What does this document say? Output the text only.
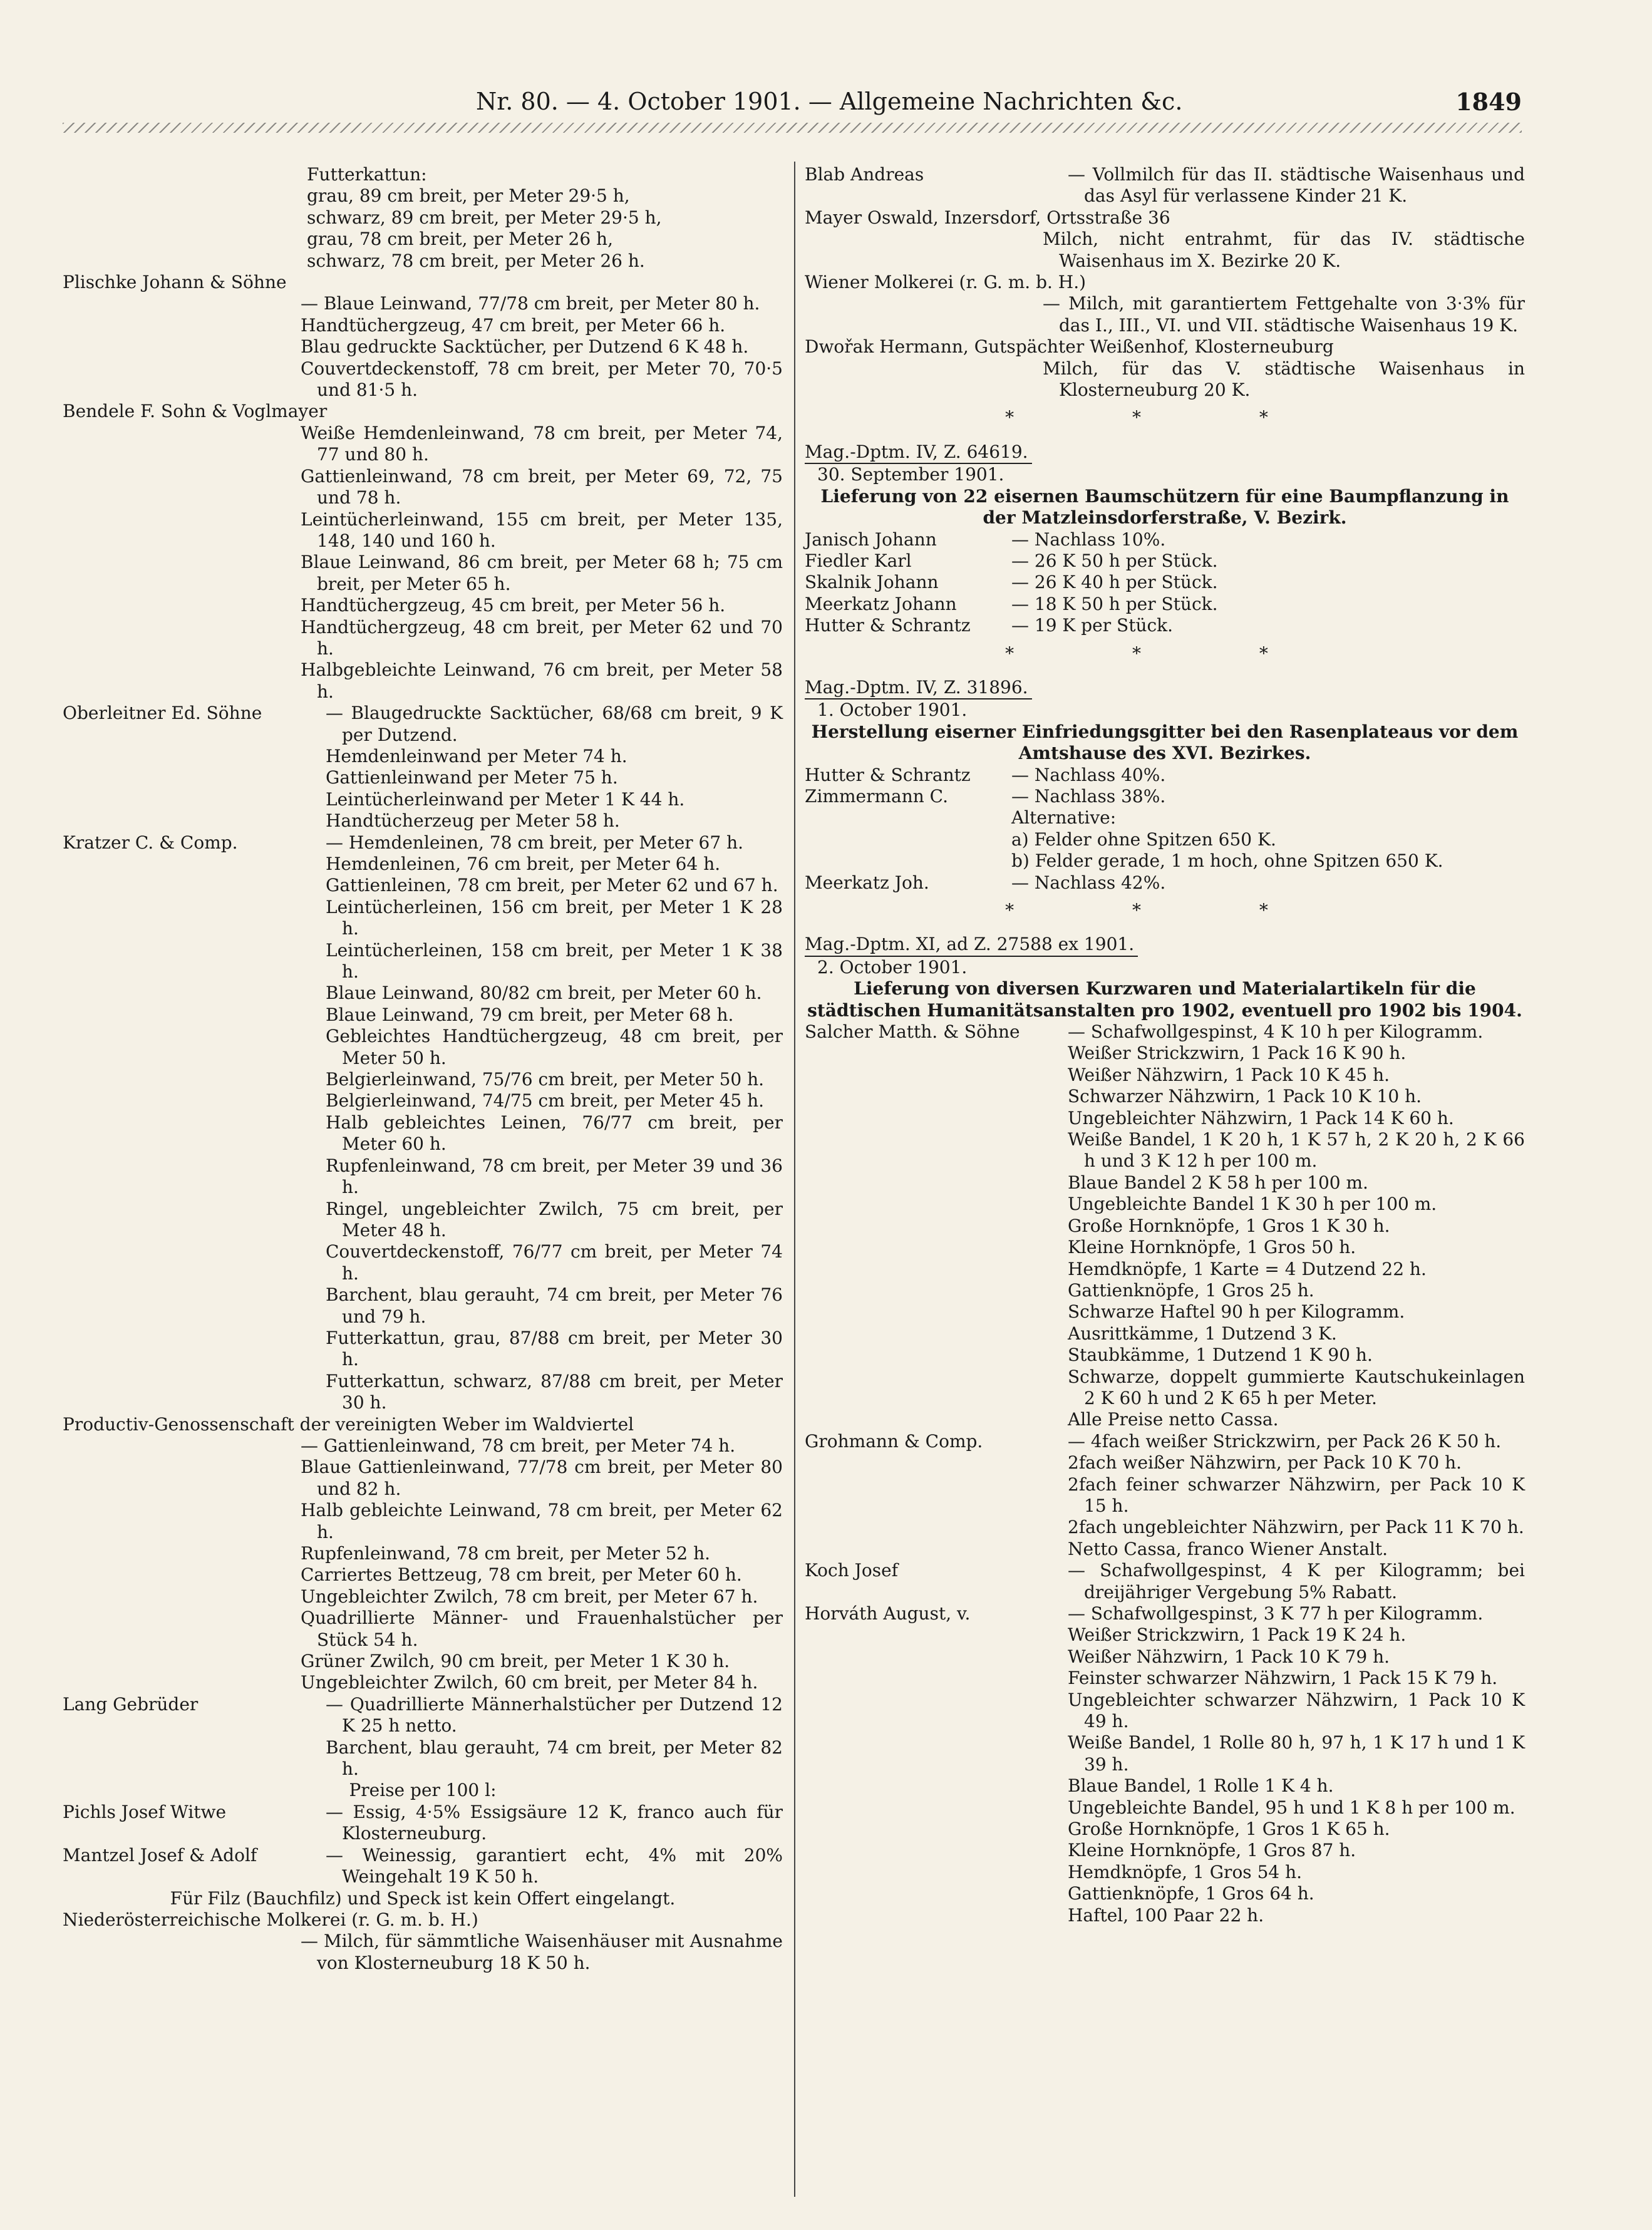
Nr. 80. — 4. October 1901. — Allgemeine Nachrichten &c.	1849
Futterkattun:
grau, 89 cm breit, per Meter 29·5 h,
schwarz, 89 cm breit, per Meter 29·5 h,
grau, 78 cm breit, per Meter 26 h,
schwarz, 78 cm breit, per Meter 26 h.
Plischke Johann & Söhne
— Blaue Leinwand, 77/78 cm breit, per Meter 80 h.
Handtüchergzeug, 47 cm breit, per Meter 66 h.
Blau gedruckte Sacktücher, per Dutzend 6 K 48 h.
Couvertdeckenstoff, 78 cm breit, per Meter 70, 70·5 und 81·5 h.
Bendele F. Sohn & Voglmayer
Weiße Hemdenleinwand, 78 cm breit, per Meter 74, 77 und 80 h.
Gattienleinwand, 78 cm breit, per Meter 69, 72, 75 und 78 h.
Leintücherleinwand, 155 cm breit, per Meter 135, 148, 140 und 160 h.
Blaue Leinwand, 86 cm breit, per Meter 68 h; 75 cm breit, per Meter 65 h.
Handtüchergzeug, 45 cm breit, per Meter 56 h.
Handtüchergzeug, 48 cm breit, per Meter 62 und 70 h.
Halbgebleichte Leinwand, 76 cm breit, per Meter 58 h.
Oberleitner Ed. Söhne	— Blaugedruckte Sacktücher, 68/68 cm breit, 9 K per Dutzend.
Hemdenleinwand per Meter 74 h.
Gattienleinwand per Meter 75 h.
Leintücherleinwand per Meter 1 K 44 h.
Handtücherzeug per Meter 58 h.
Kratzer C. & Comp.	— Hemdenleinen, 78 cm breit, per Meter 67 h.
Hemdenleinen, 76 cm breit, per Meter 64 h.
Gattienleinen, 78 cm breit, per Meter 62 und 67 h.
Leintücherleinen, 156 cm breit, per Meter 1 K 28 h.
Leintücherleinen, 158 cm breit, per Meter 1 K 38 h.
Blaue Leinwand, 80/82 cm breit, per Meter 60 h.
Blaue Leinwand, 79 cm breit, per Meter 68 h.
Gebleichtes Handtüchergzeug, 48 cm breit, per Meter 50 h.
Belgierleinwand, 75/76 cm breit, per Meter 50 h.
Belgierleinwand, 74/75 cm breit, per Meter 45 h.
Halb gebleichtes Leinen, 76/77 cm breit, per Meter 60 h.
Rupfenleinwand, 78 cm breit, per Meter 39 und 36 h.
Ringel, ungebleichter Zwilch, 75 cm breit, per Meter 48 h.
Couvertdeckenstoff, 76/77 cm breit, per Meter 74 h.
Barchent, blau gerauht, 74 cm breit, per Meter 76 und 79 h.
Futterkattun, grau, 87/88 cm breit, per Meter 30 h.
Futterkattun, schwarz, 87/88 cm breit, per Meter 30 h.
Productiv-Genossenschaft der vereinigten Weber im Waldviertel
— Gattienleinwand, 78 cm breit, per Meter 74 h.
Blaue Gattienleinwand, 77/78 cm breit, per Meter 80 und 82 h.
Halb gebleichte Leinwand, 78 cm breit, per Meter 62 h.
Rupfenleinwand, 78 cm breit, per Meter 52 h.
Carriertes Bettzeug, 78 cm breit, per Meter 60 h.
Ungebleichter Zwilch, 78 cm breit, per Meter 67 h.
Quadrillierte Männer- und Frauenhalstücher per Stück 54 h.
Grüner Zwilch, 90 cm breit, per Meter 1 K 30 h.
Ungebleichter Zwilch, 60 cm breit, per Meter 84 h.
Lang Gebrüder	— Quadrillierte Männerhalstücher per Dutzend 12 K 25 h netto.
Barchent, blau gerauht, 74 cm breit, per Meter 82 h.
Preise per 100 l:
Pichls Josef Witwe	— Essig, 4·5% Essigsäure 12 K, franco auch für Klosterneuburg.
Mantzel Josef & Adolf	— Weinessig, garantiert echt, 4% mit 20% Weingehalt 19 K 50 h.
Für Filz (Bauchfilz) und Speck ist kein Offert eingelangt.
Niederösterreichische Molkerei (r. G. m. b. H.)
— Milch, für sämmtliche Waisenhäuser mit Ausnahme von Klosterneuburg 18 K 50 h.
Blab Andreas	— Vollmilch für das II. städtische Waisenhaus und das Asyl für verlassene Kinder 21 K.
Mayer Oswald, Inzersdorf, Ortsstraße 36
Milch, nicht entrahmt, für das IV. städtische Waisenhaus im X. Bezirke 20 K.
Wiener Molkerei (r. G. m. b. H.)
— Milch, mit garantiertem Fettgehalte von 3·3% für das I., III., VI. und VII. städtische Waisenhaus 19 K.
Dwořak Hermann, Gutspächter Weißenhof, Klosterneuburg
Milch, für das V. städtische Waisenhaus in Klosterneuburg 20 K.
* * *
Mag.-Dptm. IV, Z. 64619.
30. September 1901.
Lieferung von 22 eisernen Baumschützern für eine Baumpflanzung in der Matzleinsdorferstraße, V. Bezirk.
Janisch Johann	— Nachlass 10%.
Fiedler Karl	— 26 K 50 h per Stück.
Skalnik Johann	— 26 K 40 h per Stück.
Meerkatz Johann	— 18 K 50 h per Stück.
Hutter & Schrantz — 19 K per Stück.
* * *
Mag.-Dptm. IV, Z. 31896.
1. October 1901.
Herstellung eiserner Einfriedungsgitter bei den Rasenplateaus vor dem Amtshause des XVI. Bezirkes.
Hutter & Schrantz — Nachlass 40%.
Zimmermann C.	— Nachlass 38%.
Alternative:
a) Felder ohne Spitzen 650 K.
b) Felder gerade, 1 m hoch, ohne Spitzen 650 K.
Meerkatz Joh.	— Nachlass 42%.
* * *
Mag.-Dptm. XI, ad Z. 27588 ex 1901.
2. October 1901.
Lieferung von diversen Kurzwaren und Materialartikeln für die städtischen Humanitätsanstalten pro 1902, eventuell pro 1902 bis 1904.
Salcher Matth. & Söhne	— Schafwollgespinst, 4 K 10 h per Kilogramm.
Weißer Strickzwirn, 1 Pack 16 K 90 h.
Weißer Nähzwirn, 1 Pack 10 K 45 h.
Schwarzer Nähzwirn, 1 Pack 10 K 10 h.
Ungebleichter Nähzwirn, 1 Pack 14 K 60 h.
Weiße Bandel, 1 K 20 h, 1 K 57 h, 2 K 20 h, 2 K 66 h und 3 K 12 h per 100 m.
Blaue Bandel 2 K 58 h per 100 m.
Ungebleichte Bandel 1 K 30 h per 100 m.
Große Hornknöpfe, 1 Gros 1 K 30 h.
Kleine Hornknöpfe, 1 Gros 50 h.
Hemdknöpfe, 1 Karte = 4 Dutzend 22 h.
Gattienknöpfe, 1 Gros 25 h.
Schwarze Haftel 90 h per Kilogramm.
Ausrittkämme, 1 Dutzend 3 K.
Staubkämme, 1 Dutzend 1 K 90 h.
Schwarze, doppelt gummierte Kautschukeinlagen 2 K 60 h und 2 K 65 h per Meter.
Alle Preise netto Cassa.
Grohmann & Comp.	— 4fach weißer Strickzwirn, per Pack 26 K 50 h.
2fach weißer Nähzwirn, per Pack 10 K 70 h.
2fach feiner schwarzer Nähzwirn, per Pack 10 K 15 h.
2fach ungebleichter Nähzwirn, per Pack 11 K 70 h.
Netto Cassa, franco Wiener Anstalt.
Koch Josef	— Schafwollgespinst, 4 K per Kilogramm; bei dreijähriger Vergebung 5% Rabatt.
Horváth August, v.	— Schafwollgespinst, 3 K 77 h per Kilogramm.
Weißer Strickzwirn, 1 Pack 19 K 24 h.
Weißer Nähzwirn, 1 Pack 10 K 79 h.
Feinster schwarzer Nähzwirn, 1 Pack 15 K 79 h.
Ungebleichter schwarzer Nähzwirn, 1 Pack 10 K 49 h.
Weiße Bandel, 1 Rolle 80 h, 97 h, 1 K 17 h und 1 K 39 h.
Blaue Bandel, 1 Rolle 1 K 4 h.
Ungebleichte Bandel, 95 h und 1 K 8 h per 100 m.
Große Hornknöpfe, 1 Gros 1 K 65 h.
Kleine Hornknöpfe, 1 Gros 87 h.
Hemdknöpfe, 1 Gros 54 h.
Gattienknöpfe, 1 Gros 64 h.
Haftel, 100 Paar 22 h.
